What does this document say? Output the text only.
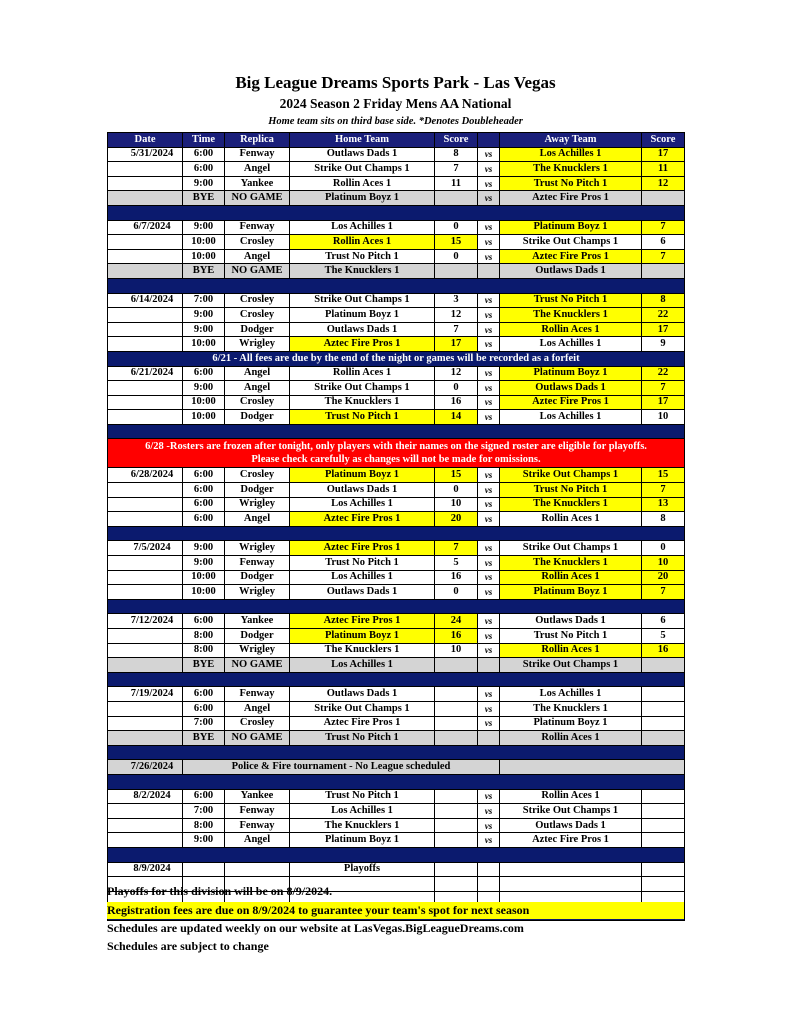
Big League Dreams Sports Park - Las Vegas
2024 Season 2 Friday Mens AA National
Home team sits on third base side. *Denotes Doubleheader
Date	Time	Replica	Home Team	Score		Away Team	Score
5/31/2024	6:00	Fenway	Outlaws Dads 1	8	vs	Los Achilles 1	17
	6:00	Angel	Strike Out Champs 1	7	vs	The Knucklers 1	11
	9:00	Yankee	Rollin Aces 1	11	vs	Trust No Pitch 1	12
	BYE	NO GAME	Platinum Boyz 1		vs	Aztec Fire Pros 1	

6/7/2024	9:00	Fenway	Los Achilles 1	0	vs	Platinum Boyz 1	7
	10:00	Crosley	Rollin Aces 1	15	vs	Strike Out Champs 1	6
	10:00	Angel	Trust No Pitch 1	0	vs	Aztec Fire Pros 1	7
	BYE	NO GAME	The Knucklers 1			Outlaws Dads 1	

6/14/2024	7:00	Crosley	Strike Out Champs 1	3	vs	Trust No Pitch 1	8
	9:00	Crosley	Platinum Boyz 1	12	vs	The Knucklers 1	22
	9:00	Dodger	Outlaws Dads 1	7	vs	Rollin Aces 1	17
	10:00	Wrigley	Aztec Fire Pros 1	17	vs	Los Achilles 1	9
6/21 - All fees are due by the end of the night or games will be recorded as a forfeit							
6/21/2024	6:00	Angel	Rollin Aces 1	12	vs	Platinum Boyz 1	22
	9:00	Angel	Strike Out Champs 1	0	vs	Outlaws Dads 1	7
	10:00	Crosley	The Knucklers 1	16	vs	Aztec Fire Pros 1	17
	10:00	Dodger	Trust No Pitch 1	14	vs	Los Achilles 1	10

6/28 -Rosters are frozen after tonight, only players with their names on the signed roster are eligible for playoffs.
Please check carefully as changes will not be made for omissions.							

6/28/2024	6:00	Crosley	Platinum Boyz 1	15	vs	Strike Out Champs 1	15
	6:00	Dodger	Outlaws Dads 1	0	vs	Trust No Pitch 1	7
	6:00	Wrigley	Los Achilles 1	10	vs	The Knucklers 1	13
	6:00	Angel	Aztec Fire Pros 1	20	vs	Rollin Aces 1	8

7/5/2024	9:00	Wrigley	Aztec Fire Pros 1	7	vs	Strike Out Champs 1	0
	9:00	Fenway	Trust No Pitch 1	5	vs	The Knucklers 1	10
	10:00	Dodger	Los Achilles 1	16	vs	Rollin Aces 1	20
	10:00	Wrigley	Outlaws Dads 1	0	vs	Platinum Boyz 1	7

7/12/2024	6:00	Yankee	Aztec Fire Pros 1	24	vs	Outlaws Dads 1	6
	8:00	Dodger	Platinum Boyz 1	16	vs	Trust No Pitch 1	5
	8:00	Wrigley	The Knucklers 1	10	vs	Rollin Aces 1	16
	BYE	NO GAME	Los Achilles 1			Strike Out Champs 1	

7/19/2024	6:00	Fenway	Outlaws Dads 1		vs	Los Achilles 1	
	6:00	Angel	Strike Out Champs 1		vs	The Knucklers 1	
	7:00	Crosley	Aztec Fire Pros 1		vs	Platinum Boyz 1	
	BYE	NO GAME	Trust No Pitch 1			Rollin Aces 1	

7/26/2024	Police & Fire tournament - No League scheduled						

8/2/2024	6:00	Yankee	Trust No Pitch 1		vs	Rollin Aces 1	
	7:00	Fenway	Los Achilles 1		vs	Strike Out Champs 1	
	8:00	Fenway	The Knucklers 1		vs	Outlaws Dads 1	
	9:00	Angel	Platinum Boyz 1		vs	Aztec Fire Pros 1	

8/9/2024			Playoffs				

Playoffs for this division will be on 8/9/2024.
Registration fees are due on 8/9/2024 to guarantee your team's spot for next season
Schedules are updated weekly on our website at LasVegas.BigLeagueDreams.com
Schedules are subject to change
